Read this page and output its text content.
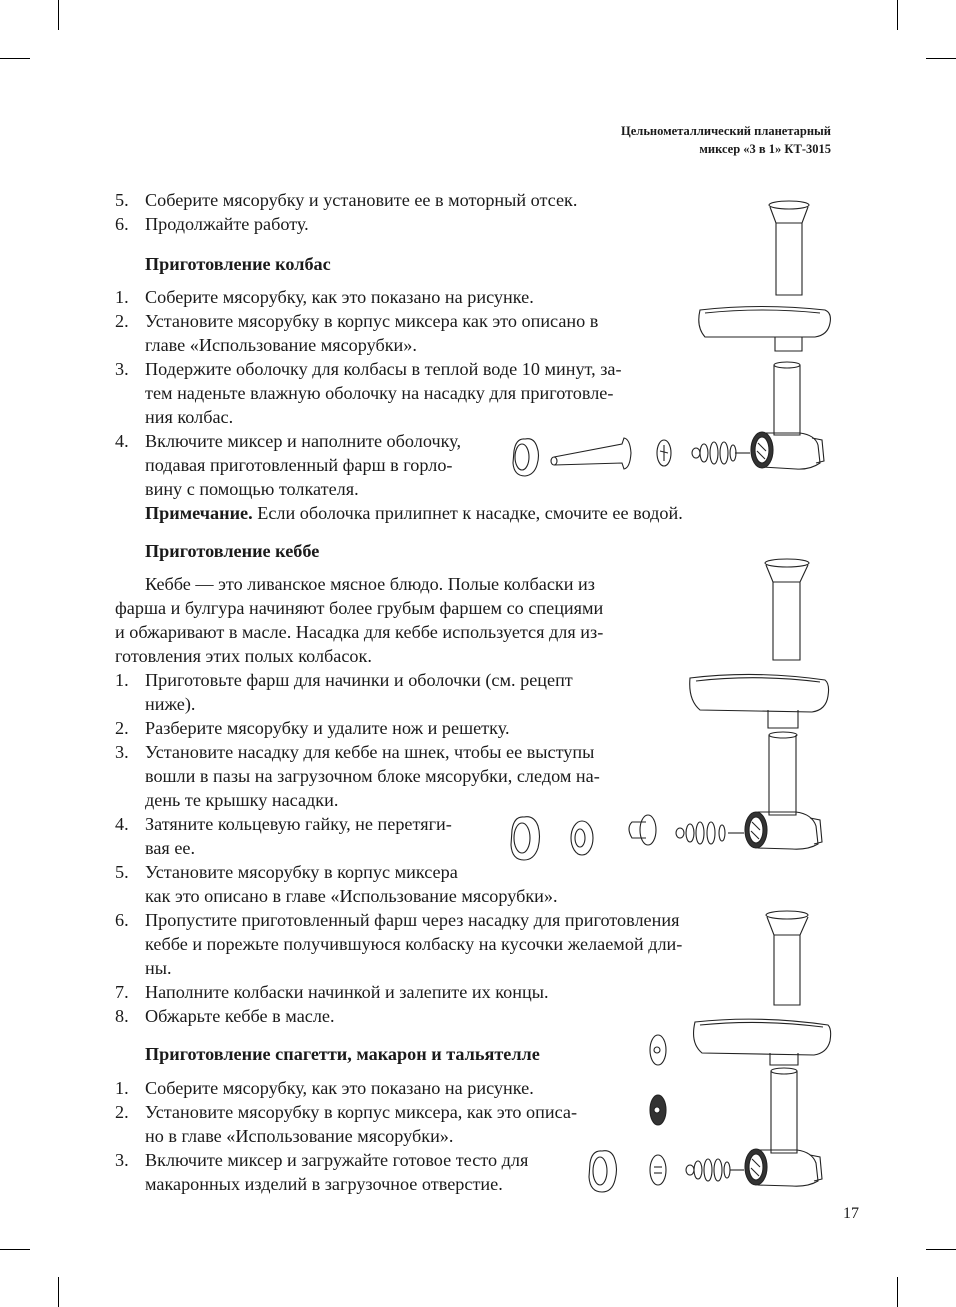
Цельнометаллический планетарный
миксер «3 в 1» КТ-3015
5. Соберите мясорубку и установите ее в моторный отсек.
6. Продолжайте работу.
Приготовление колбас
1. Соберите мясорубку, как это показано на рисунке.
2. Установите мясорубку в корпус миксера как это описано в
главе «Использование мясорубки».
3. Подержите оболочку для колбасы в теплой воде 10 минут, за-
тем наденьте влажную оболочку на насадку для приготовле-
ния колбас.
4. Включите миксер и наполните оболочку,
подавая приготовленный фарш в горло-
вину с помощью толкателя.
Примечание. Если оболочка прилипнет к насадке, смочите ее водой.
Приготовление кеббе
Кеббе — это ливанское мясное блюдо. Полые колбаски из
фарша и булгура начиняют более грубым фаршем со специями
и обжаривают в масле. Насадка для кеббе используется для из-
готовления этих полых колбасок.
1. Приготовьте фарш для начинки и оболочки (см. рецепт
ниже).
2. Разберите мясорубку и удалите нож и решетку.
3. Установите насадку для кеббе на шнек, чтобы ее выступы
вошли в пазы на загрузочном блоке мясорубки, следом на-
день те крышку насадки.
4. Затяните кольцевую гайку, не перетяги-
вая ее.
5. Установите мясорубку в корпус миксера
как это описано в главе «Использование мясорубки».
6. Пропустите приготовленный фарш через насадку для приготовления
кеббе и порежьте получившуюся колбаску на кусочки желаемой дли-
ны.
7. Наполните колбаски начинкой и залепите их концы.
8. Обжарьте кеббе в масле.
Приготовление спагетти, макарон и тальятелле
1. Соберите мясорубку, как это показано на рисунке.
2. Установите мясорубку в корпус миксера, как это описа-
но в главе «Использование мясорубки».
3. Включите миксер и загружайте готовое тесто для
макаронных изделий в загрузочное отверстие.
17
